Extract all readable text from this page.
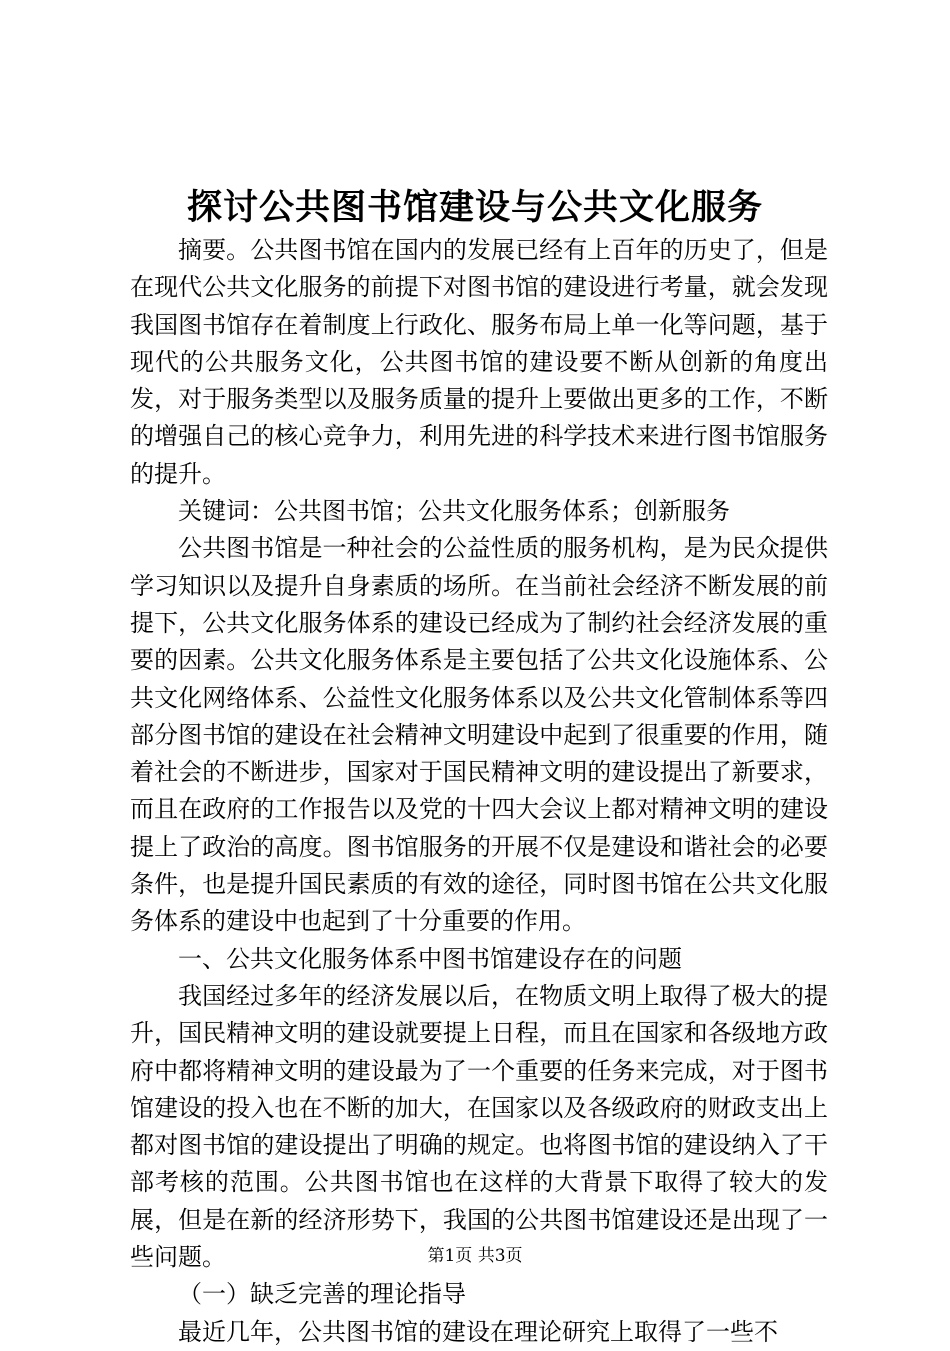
探讨公共图书馆建设与公共文化服务

摘要。公共图书馆在国内的发展已经有上百年的历史了，但是在现代公共文化服务的前提下对图书馆的建设进行考量，就会发现我国图书馆存在着制度上行政化、服务布局上单一化等问题，基于现代的公共服务文化，公共图书馆的建设要不断从创新的角度出发，对于服务类型以及服务质量的提升上要做出更多的工作，不断的增强自己的核心竞争力，利用先进的科学技术来进行图书馆服务的提升。

关键词：公共图书馆；公共文化服务体系；创新服务

公共图书馆是一种社会的公益性质的服务机构，是为民众提供学习知识以及提升自身素质的场所。在当前社会经济不断发展的前提下，公共文化服务体系的建设已经成为了制约社会经济发展的重要的因素。公共文化服务体系是主要包括了公共文化设施体系、公共文化网络体系、公益性文化服务体系以及公共文化管制体系等四部分图书馆的建设在社会精神文明建设中起到了很重要的作用，随着社会的不断进步，国家对于国民精神文明的建设提出了新要求，而且在政府的工作报告以及党的十四大会议上都对精神文明的建设提上了政治的高度。图书馆服务的开展不仅是建设和谐社会的必要条件，也是提升国民素质的有效的途径，同时图书馆在公共文化服务体系的建设中也起到了十分重要的作用。

一、公共文化服务体系中图书馆建设存在的问题

我国经过多年的经济发展以后，在物质文明上取得了极大的提升，国民精神文明的建设就要提上日程，而且在国家和各级地方政府中都将精神文明的建设最为了一个重要的任务来完成，对于图书馆建设的投入也在不断的加大，在国家以及各级政府的财政支出上都对图书馆的建设提出了明确的规定。也将图书馆的建设纳入了干部考核的范围。公共图书馆也在这样的大背景下取得了较大的发展，但是在新的经济形势下，我国的公共图书馆建设还是出现了一些问题。

（一）缺乏完善的理论指导

最近几年，公共图书馆的建设在理论研究上取得了一些不

第1页 共3页
